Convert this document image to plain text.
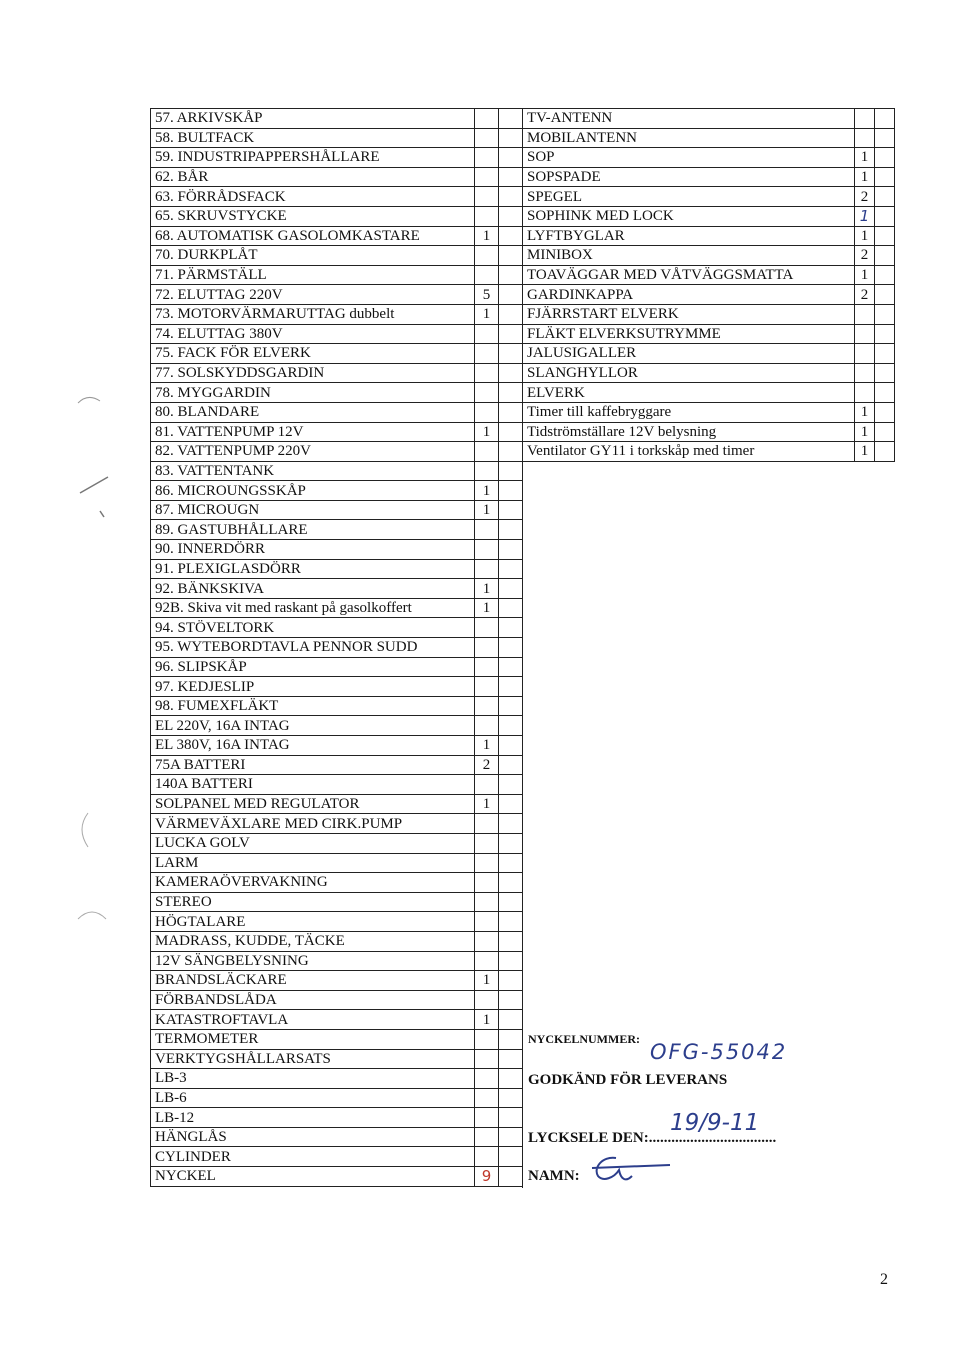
57. ARKIVSKÅP		
58. BULTFACK		
59. INDUSTRIPAPPERSHÅLLARE		
62. BÅR		
63. FÖRRÅDSFACK		
65. SKRUVSTYCKE		
68. AUTOMATISK GASOLOMKASTARE	1	
70. DURKPLÅT		
71. PÄRMSTÄLL		
72. ELUTTAG 220V	5	
73. MOTORVÄRMARUTTAG dubbelt	1	
74. ELUTTAG 380V		
75. FACK FÖR ELVERK		
77. SOLSKYDDSGARDIN		
78. MYGGARDIN		
80. BLANDARE		
81. VATTENPUMP 12V	1	
82. VATTENPUMP 220V		
83. VATTENTANK		
86. MICROUNGSSKÅP	1	
87. MICROUGN	1	
89. GASTUBHÅLLARE		
90. INNERDÖRR		
91. PLEXIGLASDÖRR		
92. BÄNKSKIVA	1	
92B. Skiva vit med raskant på gasolkoffert	1	
94. STÖVELTORK		
95. WYTEBORDTAVLA PENNOR SUDD		
96. SLIPSKÅP		
97. KEDJESLIP		
98. FUMEXFLÄKT		
EL 220V, 16A INTAG		
EL 380V, 16A INTAG	1	
75A BATTERI	2	
140A BATTERI		
SOLPANEL MED REGULATOR	1	
VÄRMEVÄXLARE MED CIRK.PUMP		
LUCKA GOLV		
LARM		
KAMERAÖVERVAKNING		
STEREO		
HÖGTALARE		
MADRASS, KUDDE, TÄCKE		
12V SÄNGBELYSNING		
BRANDSLÄCKARE	1	
FÖRBANDSLÅDA		
KATASTROFTAVLA	1	
TERMOMETER		
VERKTYGSHÅLLARSATS		
LB-3		
LB-6		
LB-12		
HÄNGLÅS		
CYLINDER		
NYCKEL	9	
TV-ANTENN		
MOBILANTENN		
SOP	1	
SOPSPADE	1	
SPEGEL	2	
SOPHINK MED LOCK	1	
LYFTBYGLAR	1	
MINIBOX	2	
TOAVÄGGAR MED VÅTVÄGGSMATTA	1	
GARDINKAPPA	2	
FJÄRRSTART ELVERK		
FLÄKT ELVERKSUTRYMME		
JALUSIGALLER		
SLANGHYLLOR		
ELVERK		
Timer till kaffebryggare	1	
Tidströmställare 12V belysning	1	
Ventilator GY11 i torkskåp med timer	1	
NYCKELNUMMER:
OFG-55042
GODKÄND FÖR LEVERANS
LYCKSELE DEN:..................................
19/9-11
NAMN:
2
